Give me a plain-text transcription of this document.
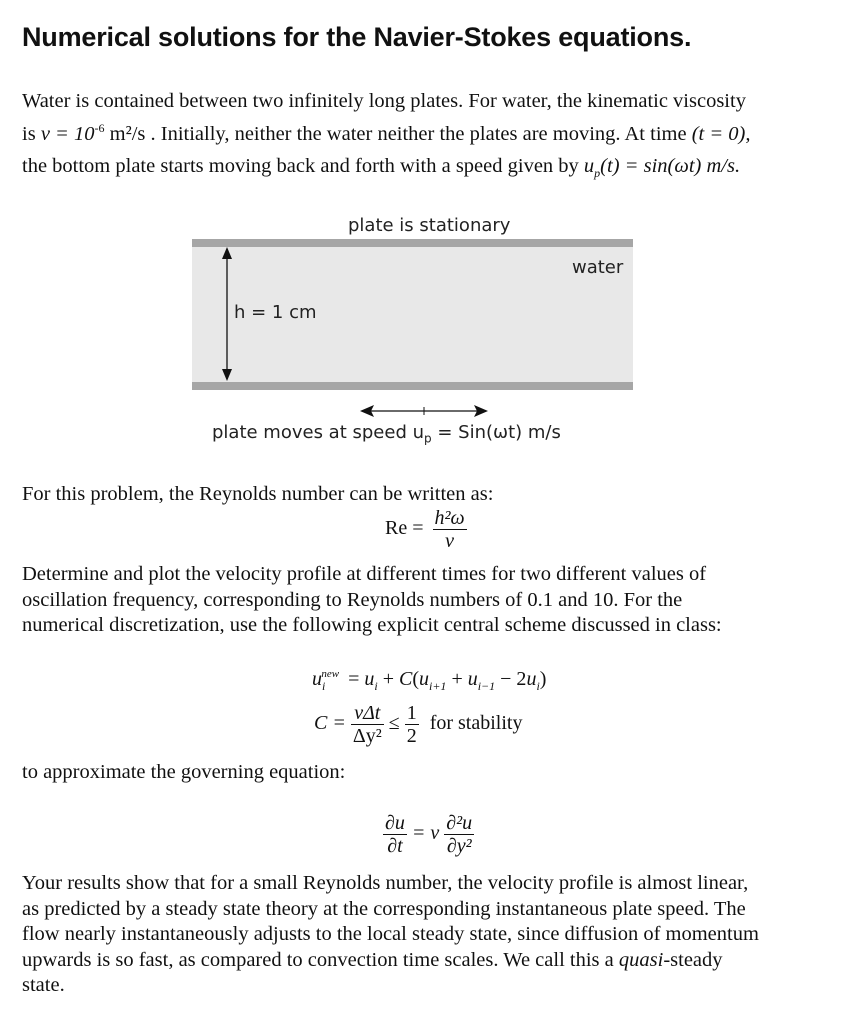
Numerical solutions for the Navier-Stokes equations.
Water is contained between two infinitely long plates. For water, the kinematic viscosity
is $\nu = 10^{-6}$ m²/s . Initially, neither the water neither the plates are moving. At time (t = 0),
the bottom plate starts moving back and forth with a speed given by $u_p(t) = \sin(\omega t)$ m/s.
plate is stationary
water
h = 1 cm
plate moves at speed $u_p = Sin(\omega t)$ m/s
For this problem, the Reynolds number can be written as:
$Re = \frac{\text{h²ω}}{\nu}$
Determine and plot the velocity profile at different times for two different values of
oscillation frequency, corresponding to Reynolds numbers of 0.1 and 10. For the
numerical discretization, use the following explicit central scheme discussed in class:
$u_i^{new} = u_i + C(u_{i+1} + u_{i-1} - 2u_i)$
$C = \frac{\text{νΔt}}{\text{Δy²}} \le \frac{1}{2}$ for stability
to approximate the governing equation:
$\frac{\partial u}{\partial t} = \nu \frac{\text{∂²u}}{\text{∂y²}}$
Your results show that for a small Reynolds number, the velocity profile is almost linear,
as predicted by a steady state theory at the corresponding instantaneous plate speed. The
flow nearly instantaneously adjusts to the local steady state, since diffusion of momentum
upwards is so fast, as compared to convection time scales. We call this a quasi-steady
state.
